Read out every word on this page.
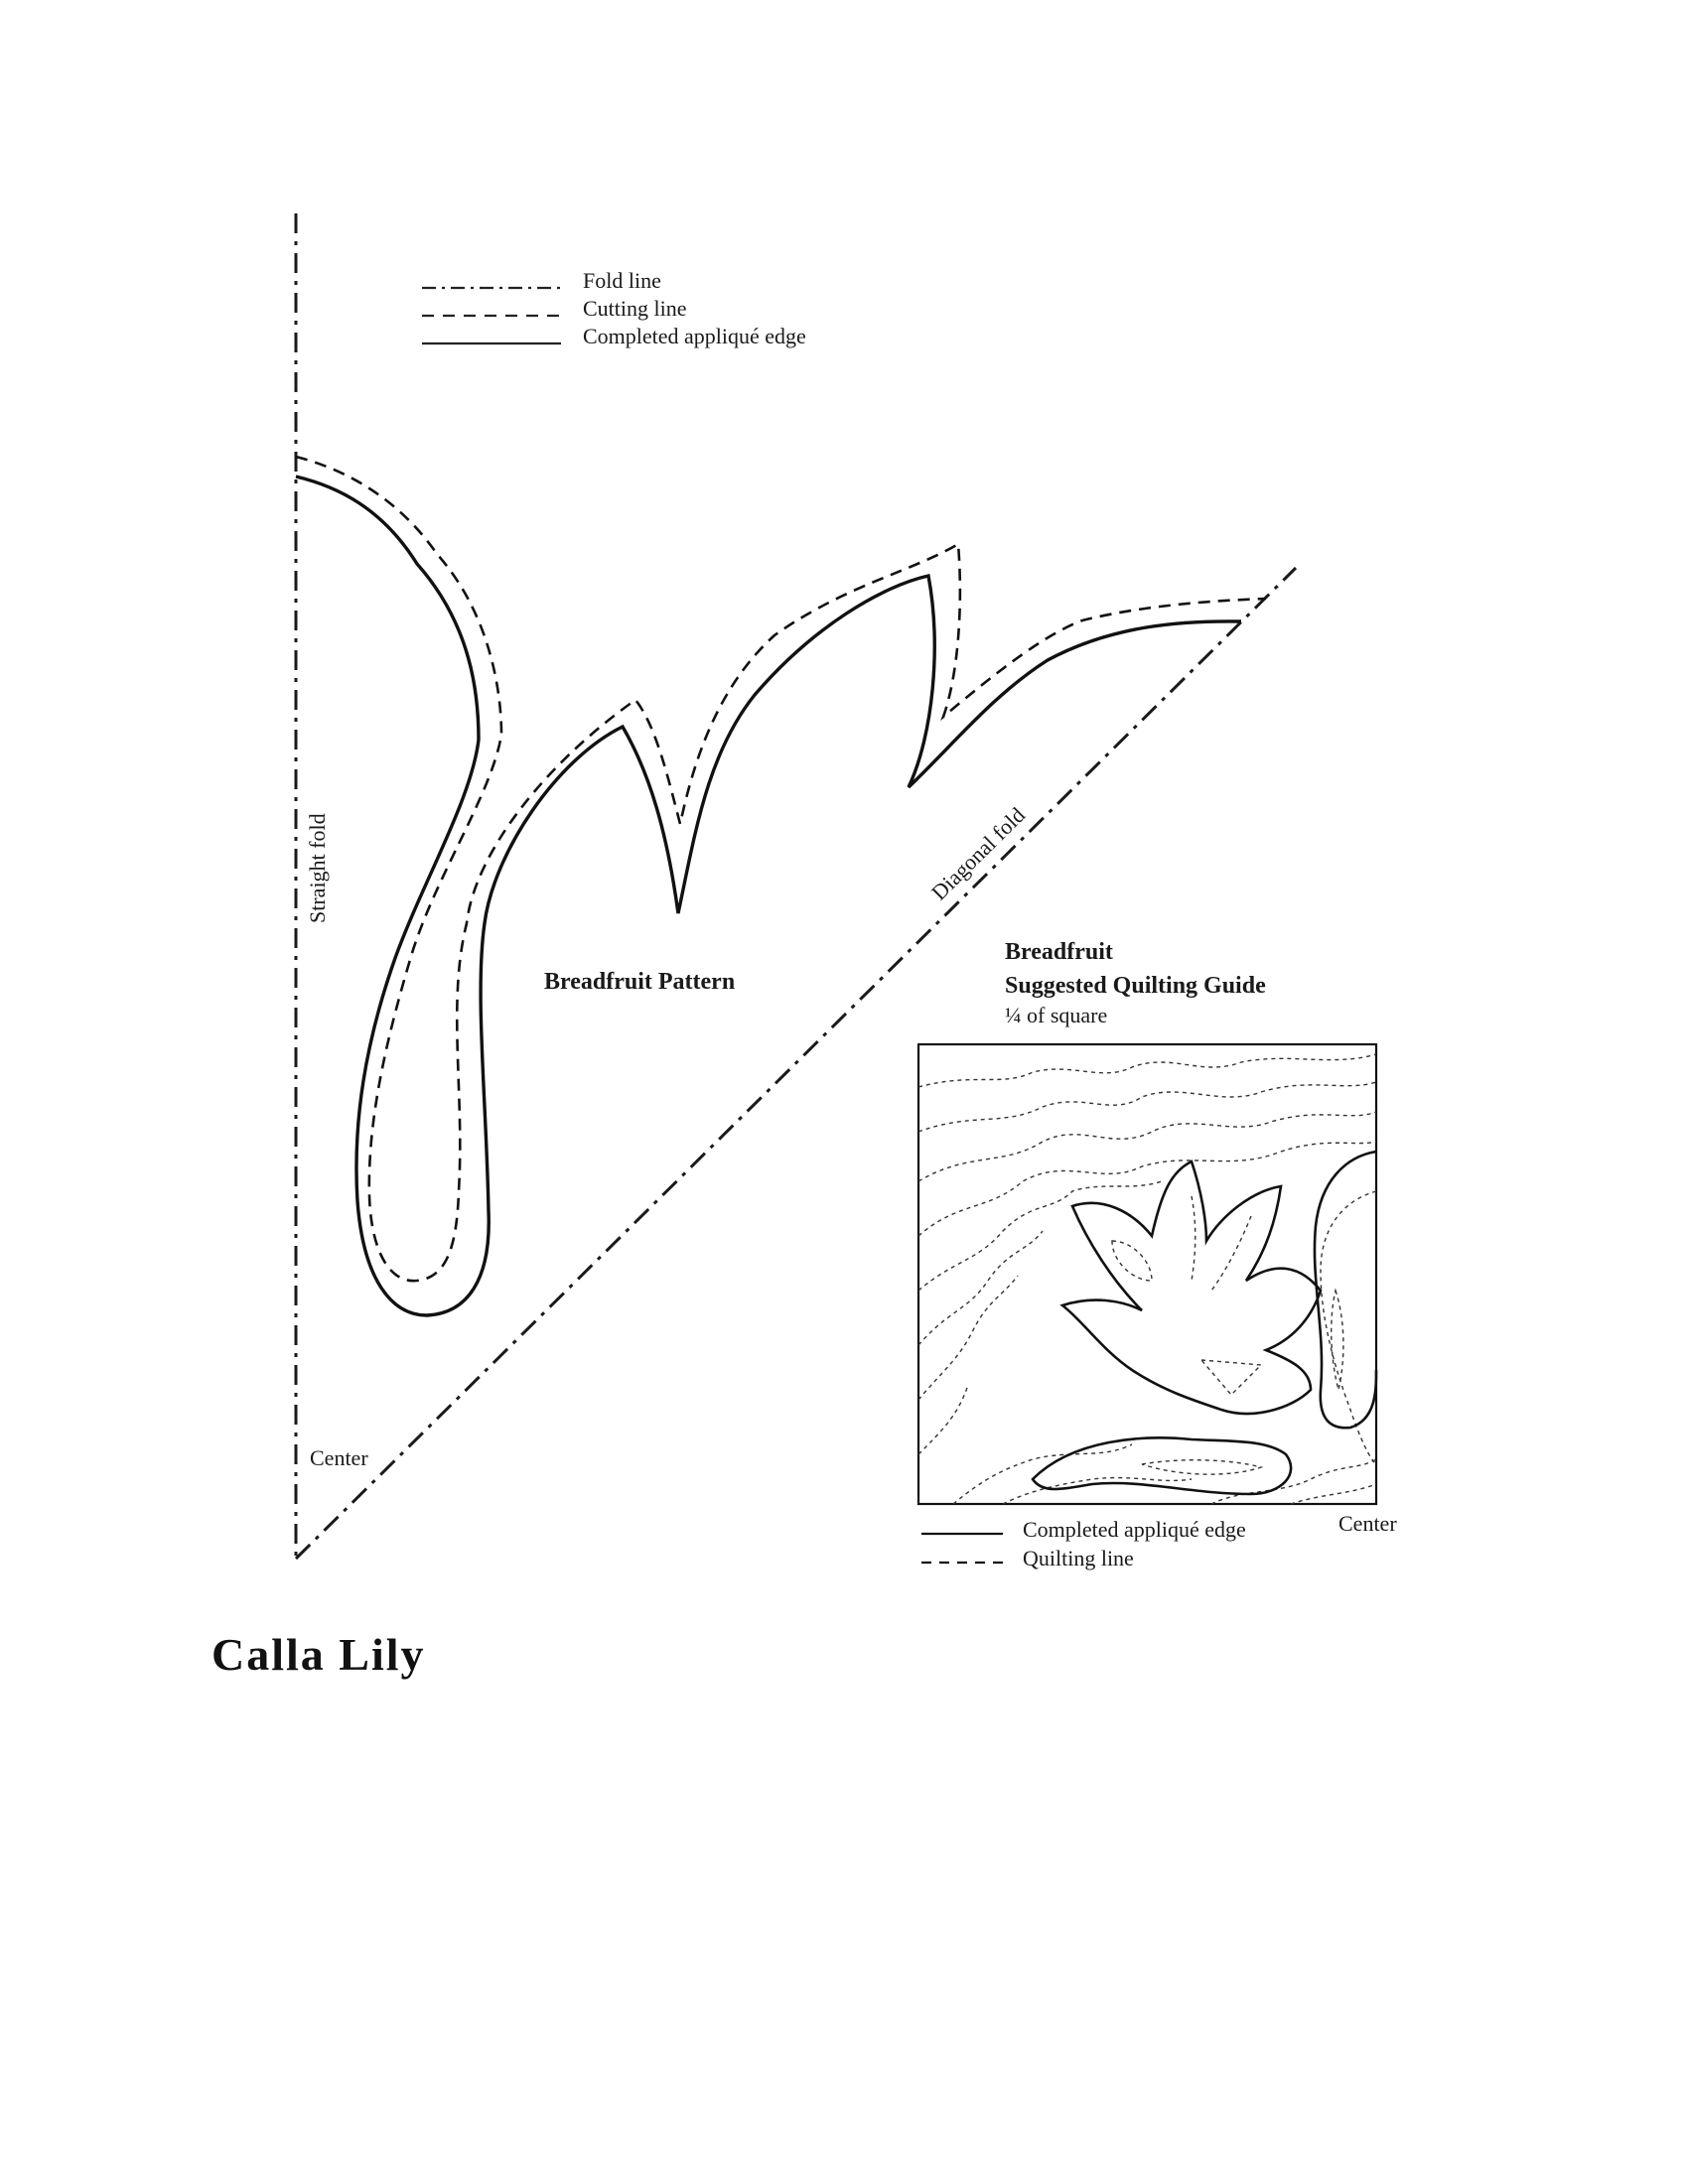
Fold line
Cutting line
Completed appliqué edge
Straight fold	Diagonal fold
Center
Breadfruit Pattern
Breadfruit
Suggested Quilting Guide
¼ of square
Center
Completed appliqué edge
Quilting line
Calla Lily
